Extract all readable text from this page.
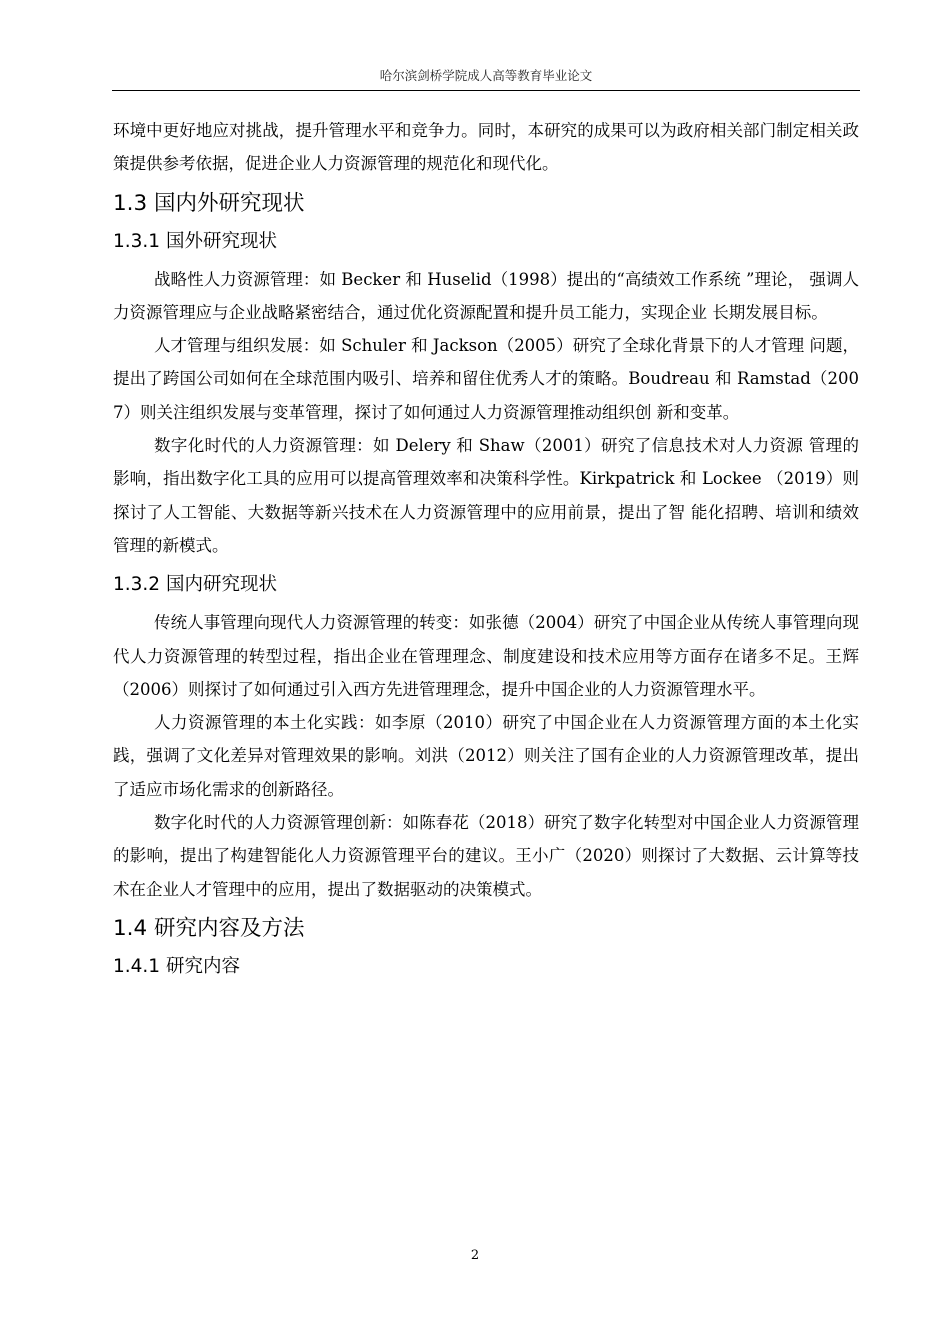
哈尔滨剑桥学院成人高等教育毕业论文

环境中更好地应对挑战，提升管理水平和竞争力。同时，本研究的成果可以为政府相关部门制定相关政策提供参考依据，促进企业人力资源管理的规范化和现代化。

1.3 国内外研究现状
1.3.1 国外研究现状

战略性人力资源管理：如 Becker 和 Huselid（1998）提出的“高绩效工作系统 ”理论， 强调人力资源管理应与企业战略紧密结合，通过优化资源配置和提升员工能力，实现企业 长期发展目标。

人才管理与组织发展：如 Schuler 和 Jackson（2005）研究了全球化背景下的人才管理 问题，提出了跨国公司如何在全球范围内吸引、培养和留住优秀人才的策略。Boudreau 和 Ramstad（2007）则关注组织发展与变革管理，探讨了如何通过人力资源管理推动组织创 新和变革。

数字化时代的人力资源管理：如 Delery 和 Shaw（2001）研究了信息技术对人力资源 管理的影响，指出数字化工具的应用可以提高管理效率和决策科学性。Kirkpatrick 和 Lockee （2019）则探讨了人工智能、大数据等新兴技术在人力资源管理中的应用前景，提出了智 能化招聘、培训和绩效管理的新模式。

1.3.2 国内研究现状

传统人事管理向现代人力资源管理的转变：如张德（2004）研究了中国企业从传统人事管理向现代人力资源管理的转型过程，指出企业在管理理念、制度建设和技术应用等方面存在诸多不足。王辉（2006）则探讨了如何通过引入西方先进管理理念，提升中国企业的人力资源管理水平。

人力资源管理的本土化实践：如李原（2010）研究了中国企业在人力资源管理方面的本土化实践，强调了文化差异对管理效果的影响。刘洪（2012）则关注了国有企业的人力资源管理改革，提出了适应市场化需求的创新路径。

数字化时代的人力资源管理创新：如陈春花（2018）研究了数字化转型对中国企业人力资源管理的影响，提出了构建智能化人力资源管理平台的建议。王小广（2020）则探讨了大数据、云计算等技术在企业人才管理中的应用，提出了数据驱动的决策模式。

1.4 研究内容及方法
1.4.1 研究内容
2
